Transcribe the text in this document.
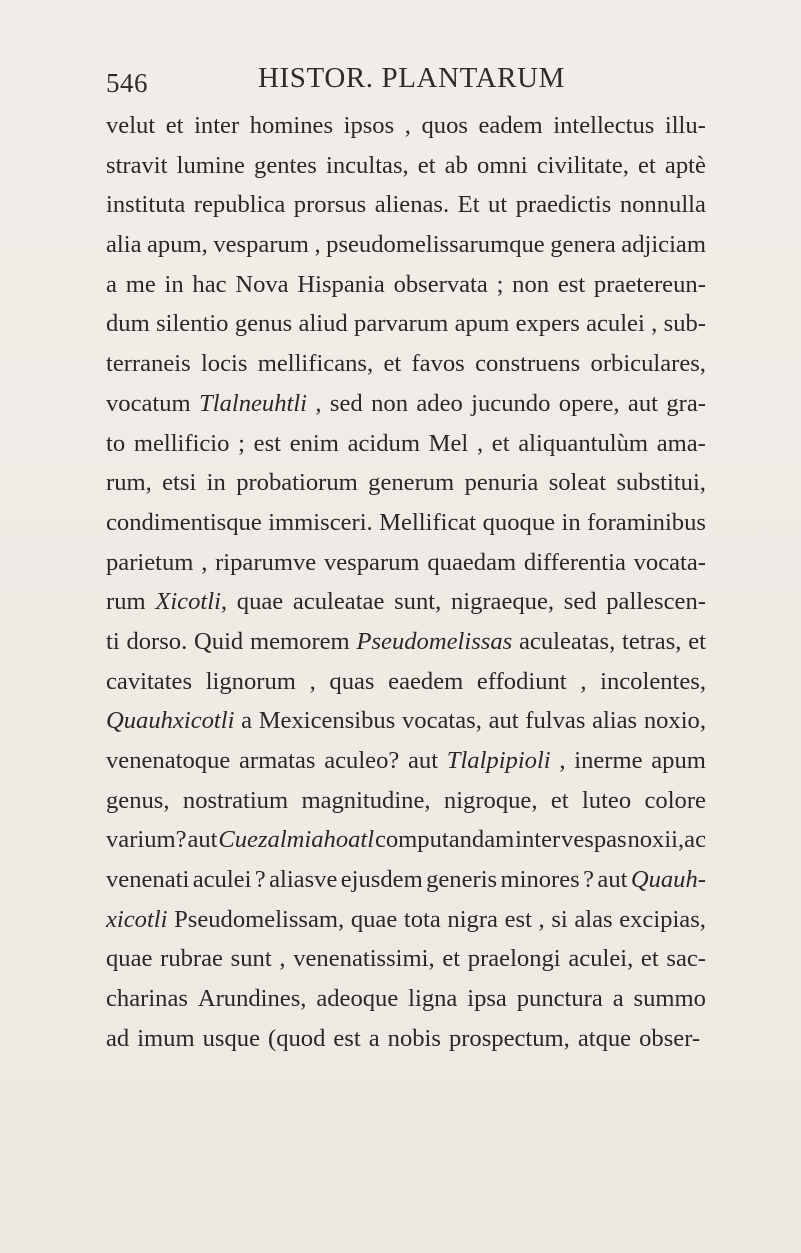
546	HISTOR. PLANTARUM
velut et inter homines ipsos , quos eadem intellectus illu-
stravit lumine gentes incultas, et ab omni civilitate, et aptè
instituta republica prorsus alienas. Et ut praedictis nonnulla
alia apum, vesparum , pseudomelissarumque genera adjiciam
a me in hac Nova Hispania observata ; non est praetereun-
dum silentio genus aliud parvarum apum expers aculei , sub-
terraneis locis mellificans, et favos construens orbiculares,
vocatum Tlalneuhtli , sed non adeo jucundo opere, aut gra-
to mellificio ; est enim acidum Mel , et aliquantulùm ama-
rum, etsi in probatiorum generum penuria soleat substitui,
condimentisque immisceri. Mellificat quoque in foraminibus
parietum , riparumve vesparum quaedam differentia vocata-
rum Xicotli, quae aculeatae sunt, nigraeque, sed pallescen-
ti dorso. Quid memorem Pseudomelissas aculeatas, tetras, et
cavitates lignorum , quas eaedem effodiunt , incolentes,
Quauhxicotli a Mexicensibus vocatas, aut fulvas alias noxio,
venenatoque armatas aculeo? aut Tlalpipioli , inerme apum
genus, nostratium magnitudine, nigroque, et luteo colore
varium? aut Cuezalmiahoatl computandam inter vespas noxii,ac
venenati aculei ? aliasve ejusdem generis minores ? aut Quauh-
xicotli Pseudomelissam, quae tota nigra est , si alas excipias,
quae rubrae sunt , venenatissimi, et praelongi aculei, et sac-
charinas Arundines, adeoque ligna ipsa punctura a summo
ad imum usque (quod est a nobis prospectum, atque obser-
